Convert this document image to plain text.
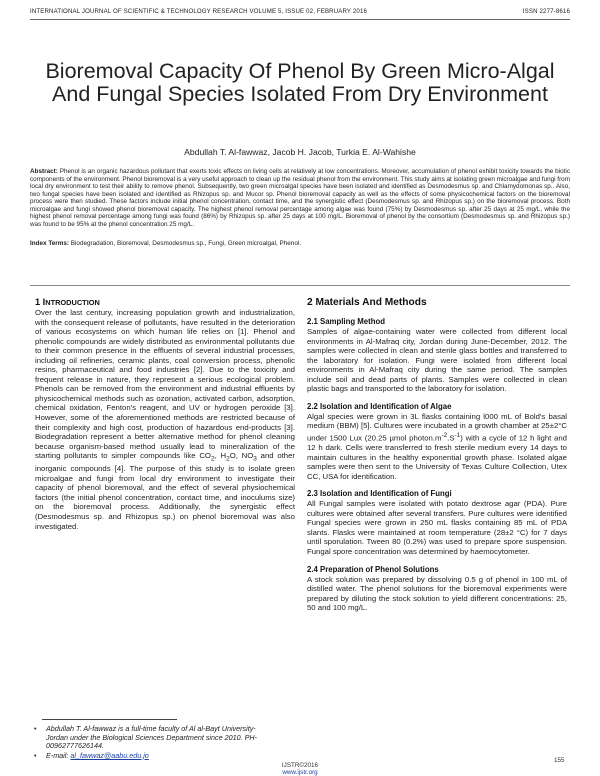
INTERNATIONAL JOURNAL OF SCIENTIFIC & TECHNOLOGY RESEARCH VOLUME 5, ISSUE 02, FEBRUARY 2016	ISSN 2277-8616
Bioremoval Capacity Of Phenol By Green Micro-Algal And Fungal Species Isolated From Dry Environment
Abdullah T. Al-fawwaz, Jacob H. Jacob, Turkia E. Al-Wahishe

Abstract: Phenol is an organic hazardous pollutant that exerts toxic effects on living cells at relatively at low concentrations. Moreover, accumulation of phenol exhibit toxicity towards the biotic components of the environment. Phenol bioremoval is a very useful approach to clean up the residual phenol from the environment. This study aims at isolating green microalgae and fungi from local dry environment to test their ability to remove phenol. Subsequently, two green microalgal species have been isolated and identified as Desmodesmus sp. and Chlamydomonas sp.. Also, two fungal species have been isolated and identified as Rhizopus sp. and Mucor sp. Phenol bioremoval capacity as well as the effects of some physicochemical factors on the bioremoval process were then studied. These factors include initial phenol concentration, contact time, and the synergistic effect (Desmodesmus sp. and Rhizopus sp.) on the bioremoval process. Both microalgae and fungi showed phenol bioremoval capacity. The highest phenol removal percentage among algae was found (75%) by Desmodesmus sp. after 25 days at 25 mg/L, while the highest phenol removal percentage among fungi was found (86%) by Rhizopus sp. after 25 days at 100 mg/L. Bioremoval of phenol by the consortium (Desmodesmus sp. and Rhizopus sp.) was found to be 95% at the phenol concentration 25 mg/L.

Index Terms: Biodegradation, Bioremoval, Desmodesmus sp., Fungi, Green microalgal, Phenol.

1 INTRODUCTION

Over the last century, increasing population growth and industrialization, with the consequent release of pollutants, have resulted in the deterioration of various ecosystems on which human life relies on [1]. Phenol and phenolic compounds are widely distributed as environmental pollutants due to their common presence in the effluents of several industrial processes, including oil refineries, ceramic plants, coal conversion process, phenolic resins, pharmaceutical and food industries [2]. Due to the toxicity and frequent release in nature, they represent a serious ecological problem. Phenols can be removed from the environment and industrial effluents by physicochemical methods such as ozonation, activated carbon, adsorption, chemical oxidation, Fenton's reagent, and UV or hydrogen peroxide [3]. However, some of the aforementioned methods are restricted because of their complexity and high cost, production of hazardous end-products [3]. Biodegradation represent a better alternative method for phenol cleaning because organism-based method usually lead to mineralization of the starting pollutants to simpler compounds like $CO_2$, $H_2O$, $NO_3$ and other inorganic compounds [4]. The purpose of this study is to isolate green microalgae and fungi from local dry environment to investigate their capacity of phenol bioremoval, and the effect of several physiochemical factors (the initial phenol concentration, contact time, and inoculums size) on the bioremoval process. Additionally, the synergistic effect (Desmodesmus sp. and Rhizopus sp.) on phenol bioremoval was also investigated.

2 Materials And Methods
2.1 Sampling Method

Samples of algae-containing water were collected from different local environments in Al-Mafraq city, Jordan during June-December, 2012. The samples were collected in clean and sterile glass bottles and transferred to the laboratory for isolation. Fungi were isolated from different local environments in Al-Mafraq city during the same period. The samples include soil and dead parts of plants. Samples were collected in clean plastic bags and transported to the laboratory for isolation.

2.2 Isolation and Identification of Algae

Algal species were grown in 3L flasks containing l000 mL of Bold's basal medium (BBM) [5]. Cultures were incubated in a growth chamber at 25±2°C under 1500 Lux (20.25 µmol $photon.m^{-2}.S^{-1}$) with a cycle of 12 h light and 12 h dark. Cells were transferred to fresh sterile medium every 14 days to maintain cultures in the healthy exponential growth phase. Isolated algae samples were then sent to the University of Texas Culture Collection, Utex CC, USA for identification.

2.3 Isolation and Identification of Fungi

All Fungal samples were isolated with potato dextrose agar (PDA). Pure cultures were obtained after several transfers. Pure cultures were identified Fungal species were grown in 250 mL flasks containing 85 mL of PDA slants. Flasks were maintained at room temperature (28±2 °C) for 7 days until sporulation. Tween 80 (0.2%) was used to prepare spore suspension. Fungal spore concentration was determined by haemocytometer.

2.4 Preparation of Phenol Solutions

A stock solution was prepared by dissolving 0.5 g of phenol in 100 mL of distilled water. The phenol solutions for the bioremoval experiments were prepared by diluting the stock solution to yield different concentrations: 25, 50 and 100 mg/L.

• Abdullah T. Al-fawwaz is a full-time faculty of Al al-Bayt University-Jordan under the Biological Sciences Department since 2010. PH-00962777626144.
• E-mail: al_fawwaz@aabu.edu.jo
155
IJSTR©2016
www.ijstr.org
